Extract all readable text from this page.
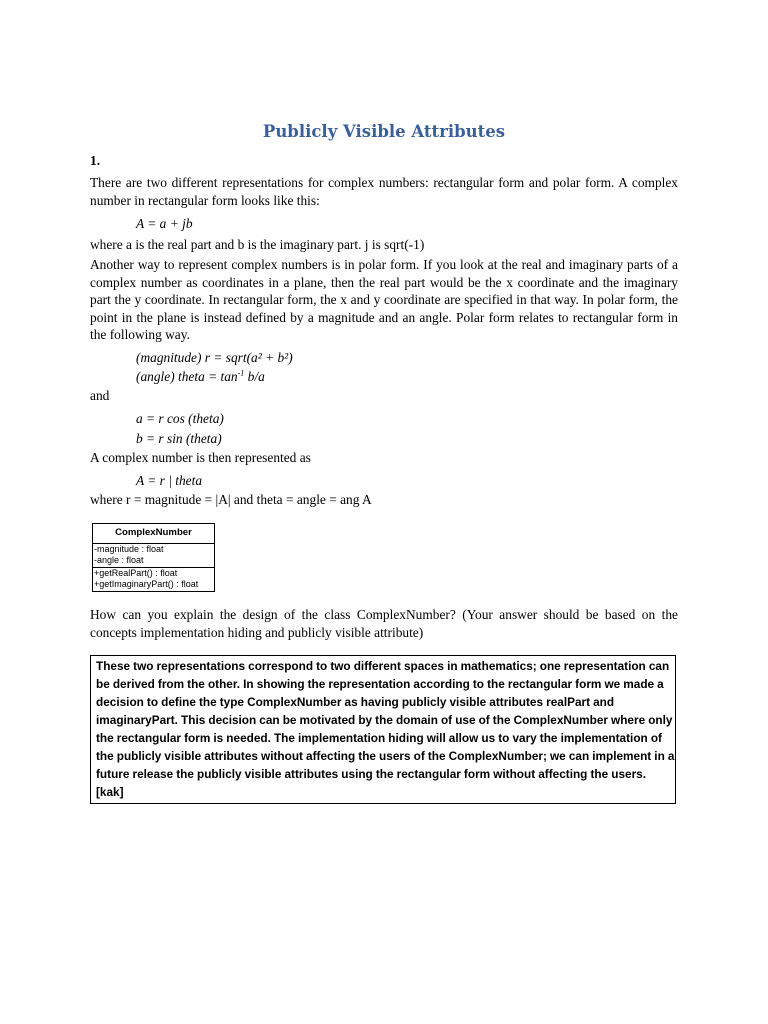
Publicly Visible Attributes
1.
There are two different representations for complex numbers: rectangular form and polar form. A complex number in rectangular form looks like this:
A = a + jb
where a is the real part and b is the imaginary part. j is sqrt(-1)
Another way to represent complex numbers is in polar form. If you look at the real and imaginary parts of a complex number as coordinates in a plane, then the real part would be the x coordinate and the imaginary part the y coordinate. In rectangular form, the x and y coordinate are specified in that way. In polar form, the point in the plane is instead defined by a magnitude and an angle. Polar form relates to rectangular form in the following way.
(magnitude) r = sqrt(a² + b²)
(angle) theta = $\tan^{-1} b/a$
and
a = r cos (theta)
b = r sin (theta)
A complex number is then represented as
A = r | theta
where r = magnitude = |A| and theta = angle = ang A
ComplexNumber
-magnitude : float
-angle : float
+getRealPart() : float
+getImaginaryPart() : float
How can you explain the design of the class ComplexNumber? (Your answer should be based on the concepts implementation hiding and publicly visible attribute)
These two representations correspond to two different spaces in mathematics; one representation can be derived from the other. In showing the representation according to the rectangular form we made a decision to define the type ComplexNumber as having publicly visible attributes realPart and imaginaryPart. This decision can be motivated by the domain of use of the ComplexNumber where only the rectangular form is needed. The implementation hiding will allow us to vary the implementation of the publicly visible attributes without affecting the users of the ComplexNumber; we can implement in a future release the publicly visible attributes using the rectangular form without affecting the users. [kak]
